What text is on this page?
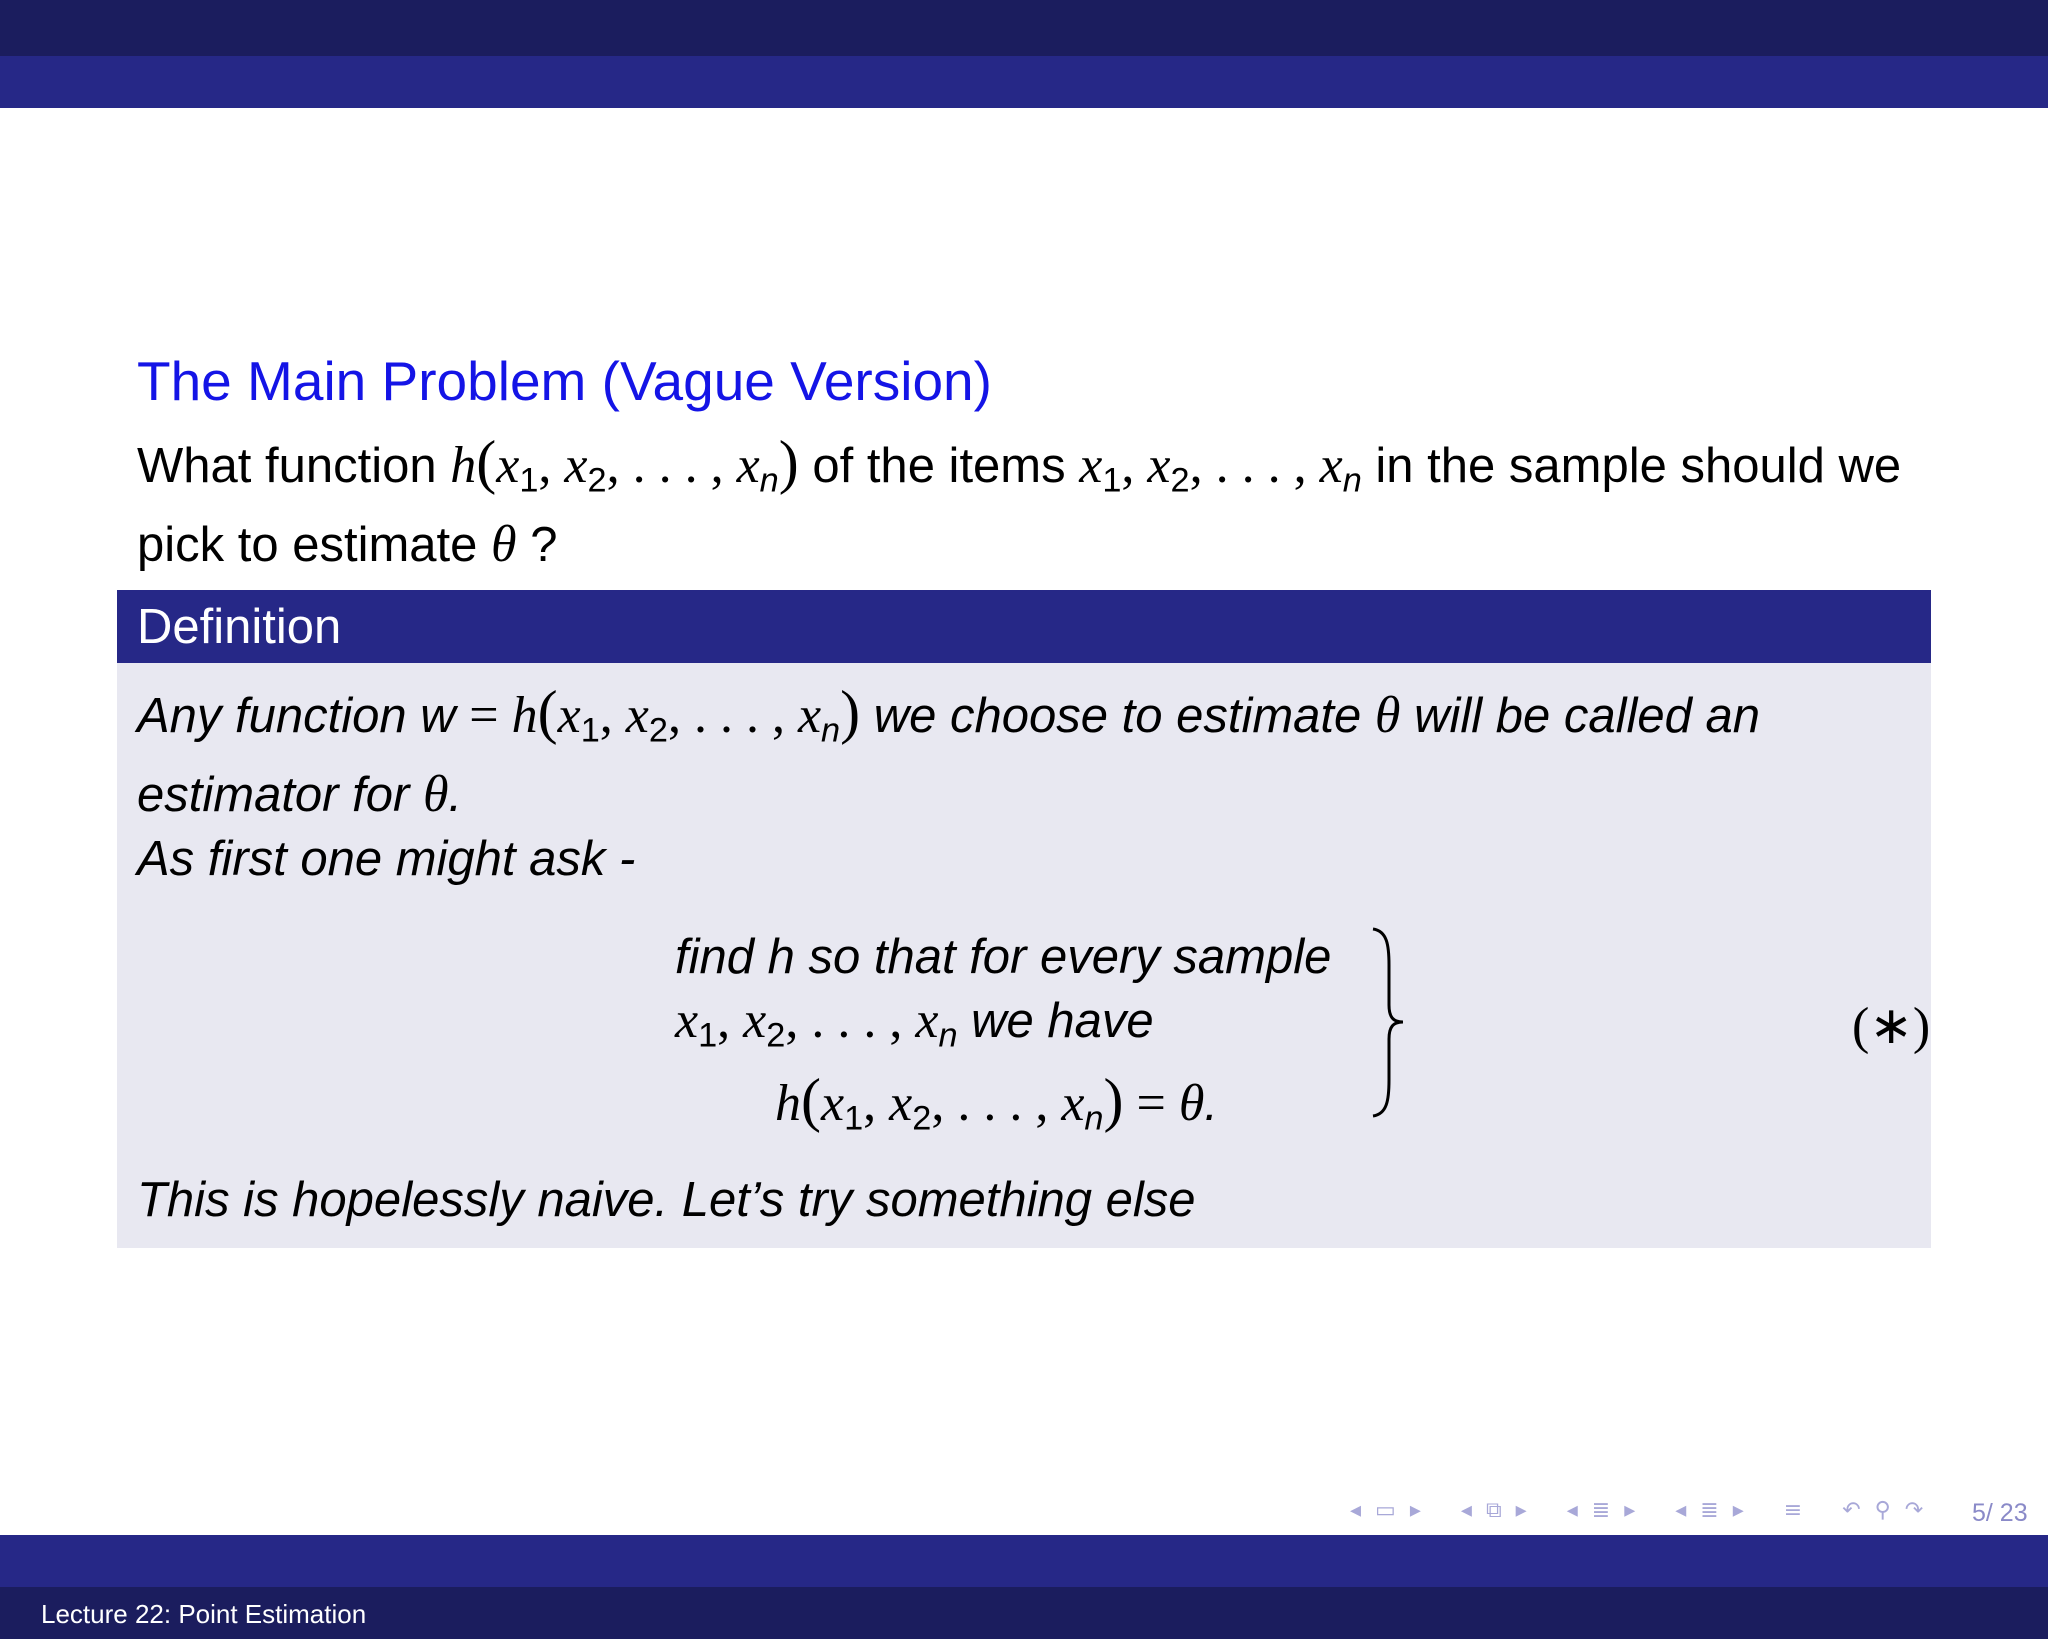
The Main Problem (Vague Version)
What function $h(x_1$, $x_2$, . . . , xn) of the items $x_1$, $x_2$, . . . , xn in the sample should we
pick to estimate θ ?
Definition
Any function $w = h(x_1$, $x_2$, . . . , xn) we choose to estimate θ will be called an
estimator for θ.
As first one might ask -
find h so that for every sample
$x_1$, $x_2$, . . . , xn we have
$h(x_1$, $x_2$, . . . , xn) = θ.
(∗)
This is hopelessly naive. Let’s try something else
◂ ▭ ▸ ◂ ⧉ ▸ ◂ ≣ ▸ ◂ ≣ ▸ ≡ ↶ ⚲ ↷ 5/ 23
Lecture 22: Point Estimation
